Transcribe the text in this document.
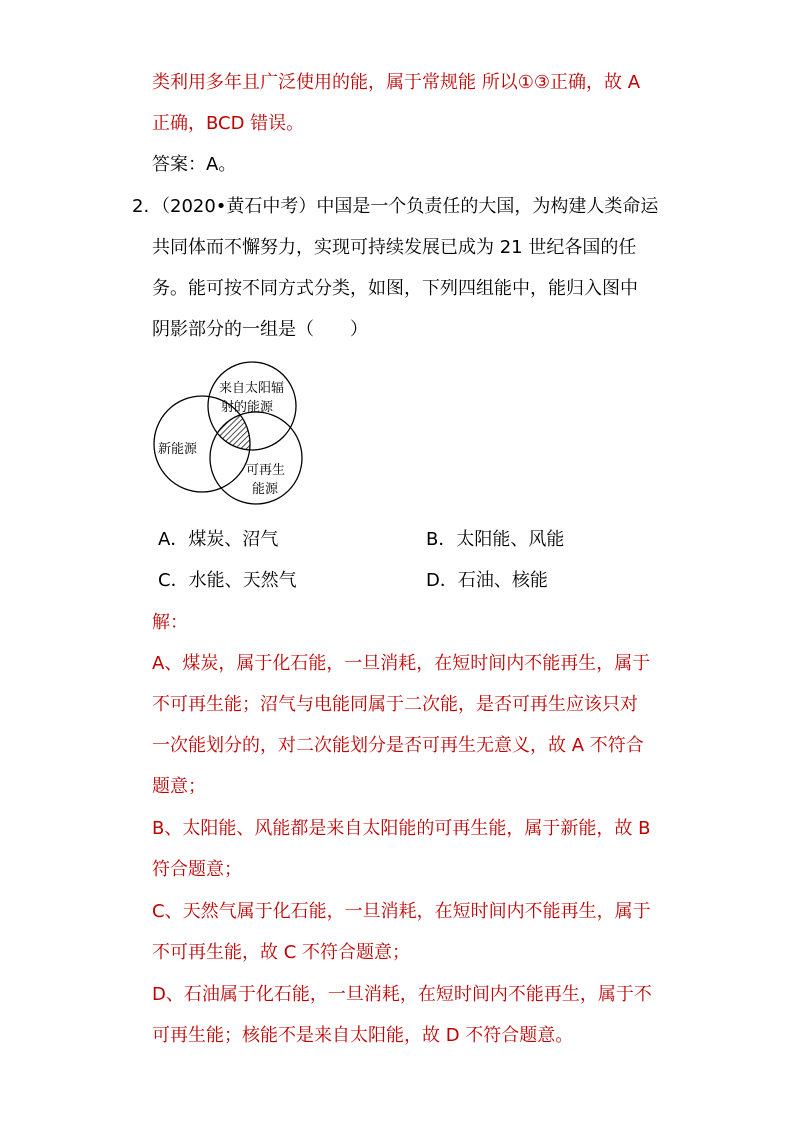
类利用多年且广泛使用的能，属于常规能 所以①③正确，故 A
正确，BCD 错误。
答案：A。
2. （2020•黄石中考）中国是一个负责任的大国，为构建人类命运
共同体而不懈努力，实现可持续发展已成为 21 世纪各国的任
务。能可按不同方式分类，如图，下列四组能中，能归入图中
阴影部分的一组是（　　）
来自太阳辐
射的能源
新能源
可再生
能源
A．煤炭、沼气	B．太阳能、风能
C．水能、天然气	D．石油、核能
解：
A、煤炭，属于化石能，一旦消耗，在短时间内不能再生，属于
不可再生能；沼气与电能同属于二次能，是否可再生应该只对
一次能划分的，对二次能划分是否可再生无意义，故 A 不符合
题意；
B、太阳能、风能都是来自太阳能的可再生能，属于新能，故 B
符合题意；
C、天然气属于化石能，一旦消耗，在短时间内不能再生，属于
不可再生能，故 C 不符合题意；
D、石油属于化石能，一旦消耗，在短时间内不能再生，属于不
可再生能；核能不是来自太阳能，故 D 不符合题意。
